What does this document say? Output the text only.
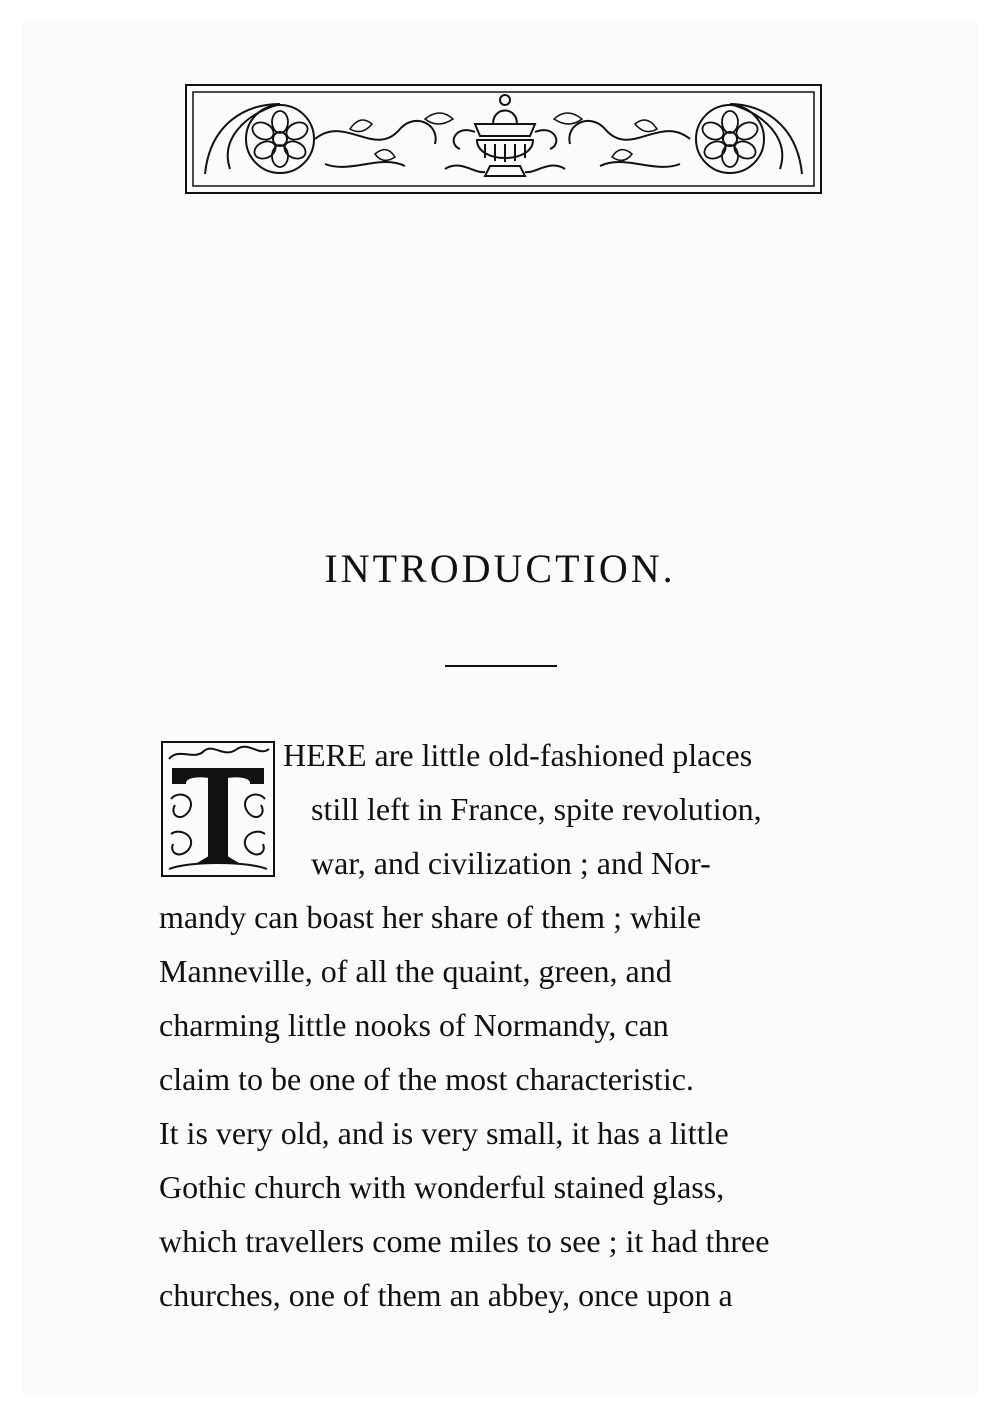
INTRODUCTION.
HERE are little old-fashioned places
still left in France, spite revolution,
war, and civilization ; and Nor-
mandy can boast her share of them ; while
Manneville, of all the quaint, green, and
charming little nooks of Normandy, can
claim to be one of the most characteristic.
It is very old, and is very small, it has a little
Gothic church with wonderful stained glass,
which travellers come miles to see ; it had three
churches, one of them an abbey, once upon a
